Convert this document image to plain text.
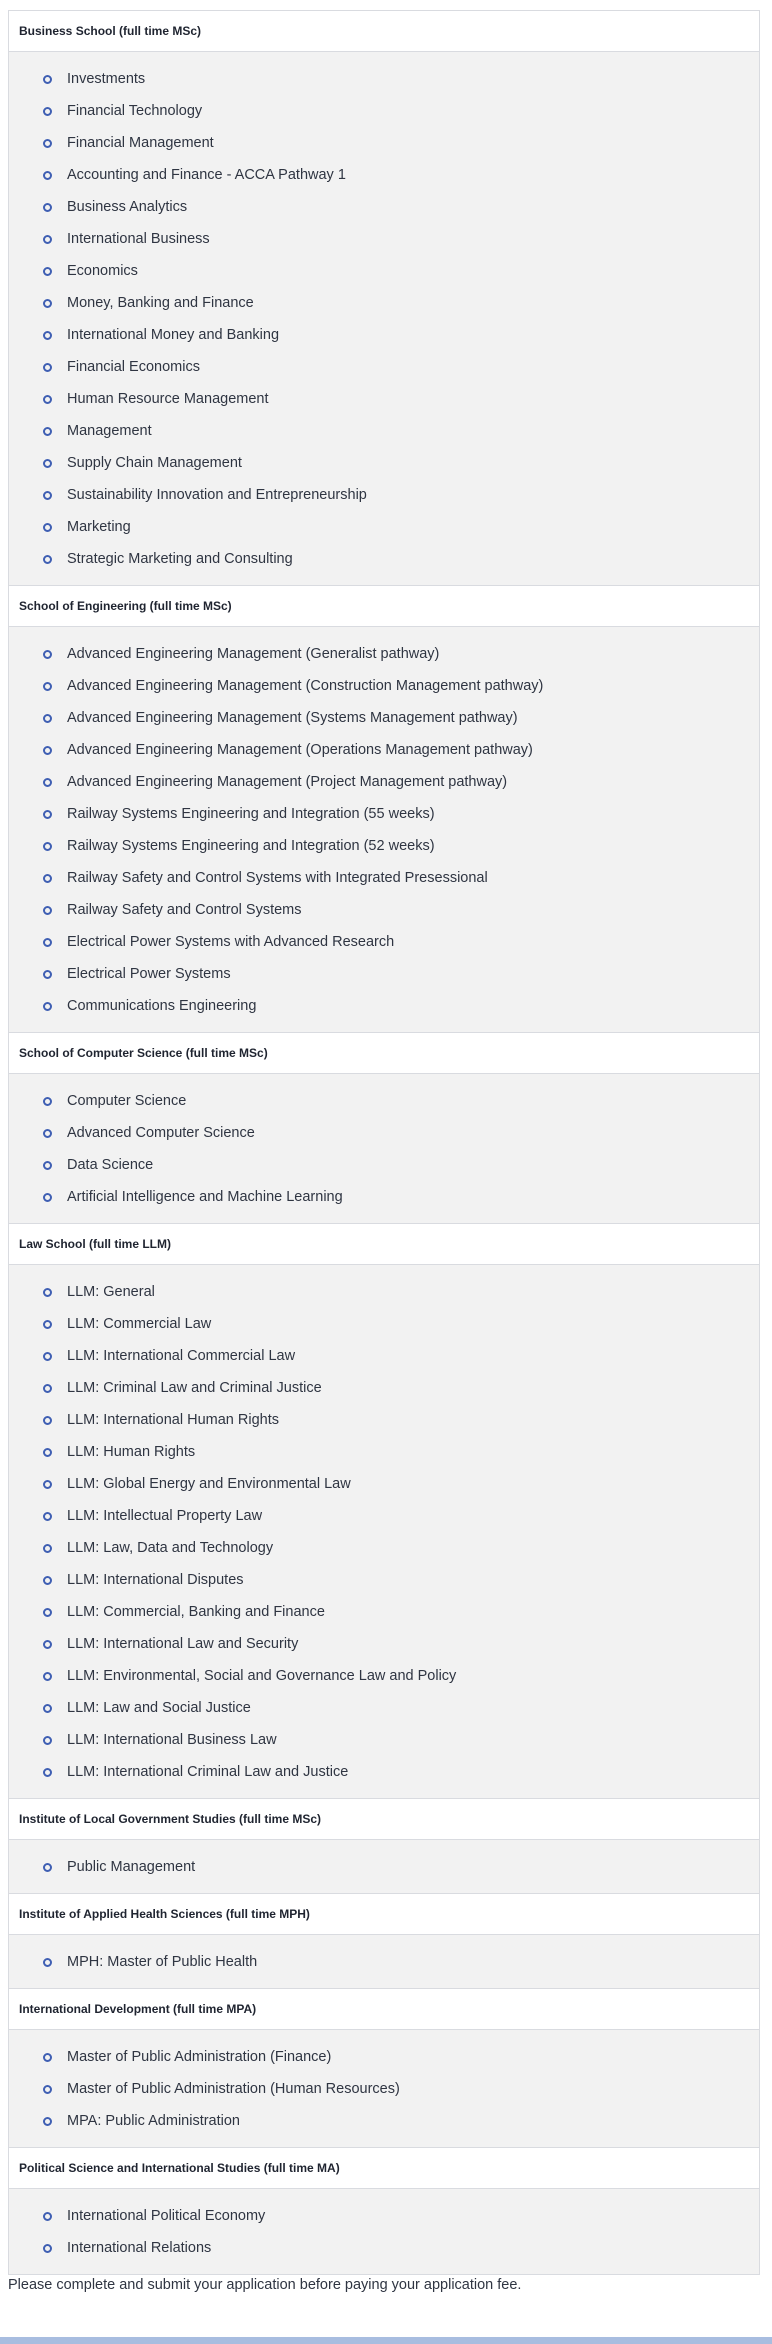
Business School (full time MSc)
Investments
Financial Technology
Financial Management
Accounting and Finance - ACCA Pathway 1
Business Analytics
International Business
Economics
Money, Banking and Finance
International Money and Banking
Financial Economics
Human Resource Management
Management
Supply Chain Management
Sustainability Innovation and Entrepreneurship
Marketing
Strategic Marketing and Consulting
School of Engineering (full time MSc)
Advanced Engineering Management (Generalist pathway)
Advanced Engineering Management (Construction Management pathway)
Advanced Engineering Management (Systems Management pathway)
Advanced Engineering Management (Operations Management pathway)
Advanced Engineering Management (Project Management pathway)
Railway Systems Engineering and Integration (55 weeks)
Railway Systems Engineering and Integration (52 weeks)
Railway Safety and Control Systems with Integrated Presessional
Railway Safety and Control Systems
Electrical Power Systems with Advanced Research
Electrical Power Systems
Communications Engineering
School of Computer Science (full time MSc)
Computer Science
Advanced Computer Science
Data Science
Artificial Intelligence and Machine Learning
Law School (full time LLM)
LLM: General
LLM: Commercial Law
LLM: International Commercial Law
LLM: Criminal Law and Criminal Justice
LLM: International Human Rights
LLM: Human Rights
LLM: Global Energy and Environmental Law
LLM: Intellectual Property Law
LLM: Law, Data and Technology
LLM: International Disputes
LLM: Commercial, Banking and Finance
LLM: International Law and Security
LLM: Environmental, Social and Governance Law and Policy
LLM: Law and Social Justice
LLM: International Business Law
LLM: International Criminal Law and Justice
Institute of Local Government Studies (full time MSc)
Public Management
Institute of Applied Health Sciences (full time MPH)
MPH: Master of Public Health
International Development (full time MPA)
Master of Public Administration (Finance)
Master of Public Administration (Human Resources)
MPA: Public Administration
Political Science and International Studies (full time MA)
International Political Economy
International Relations
Please complete and submit your application before paying your application fee.
